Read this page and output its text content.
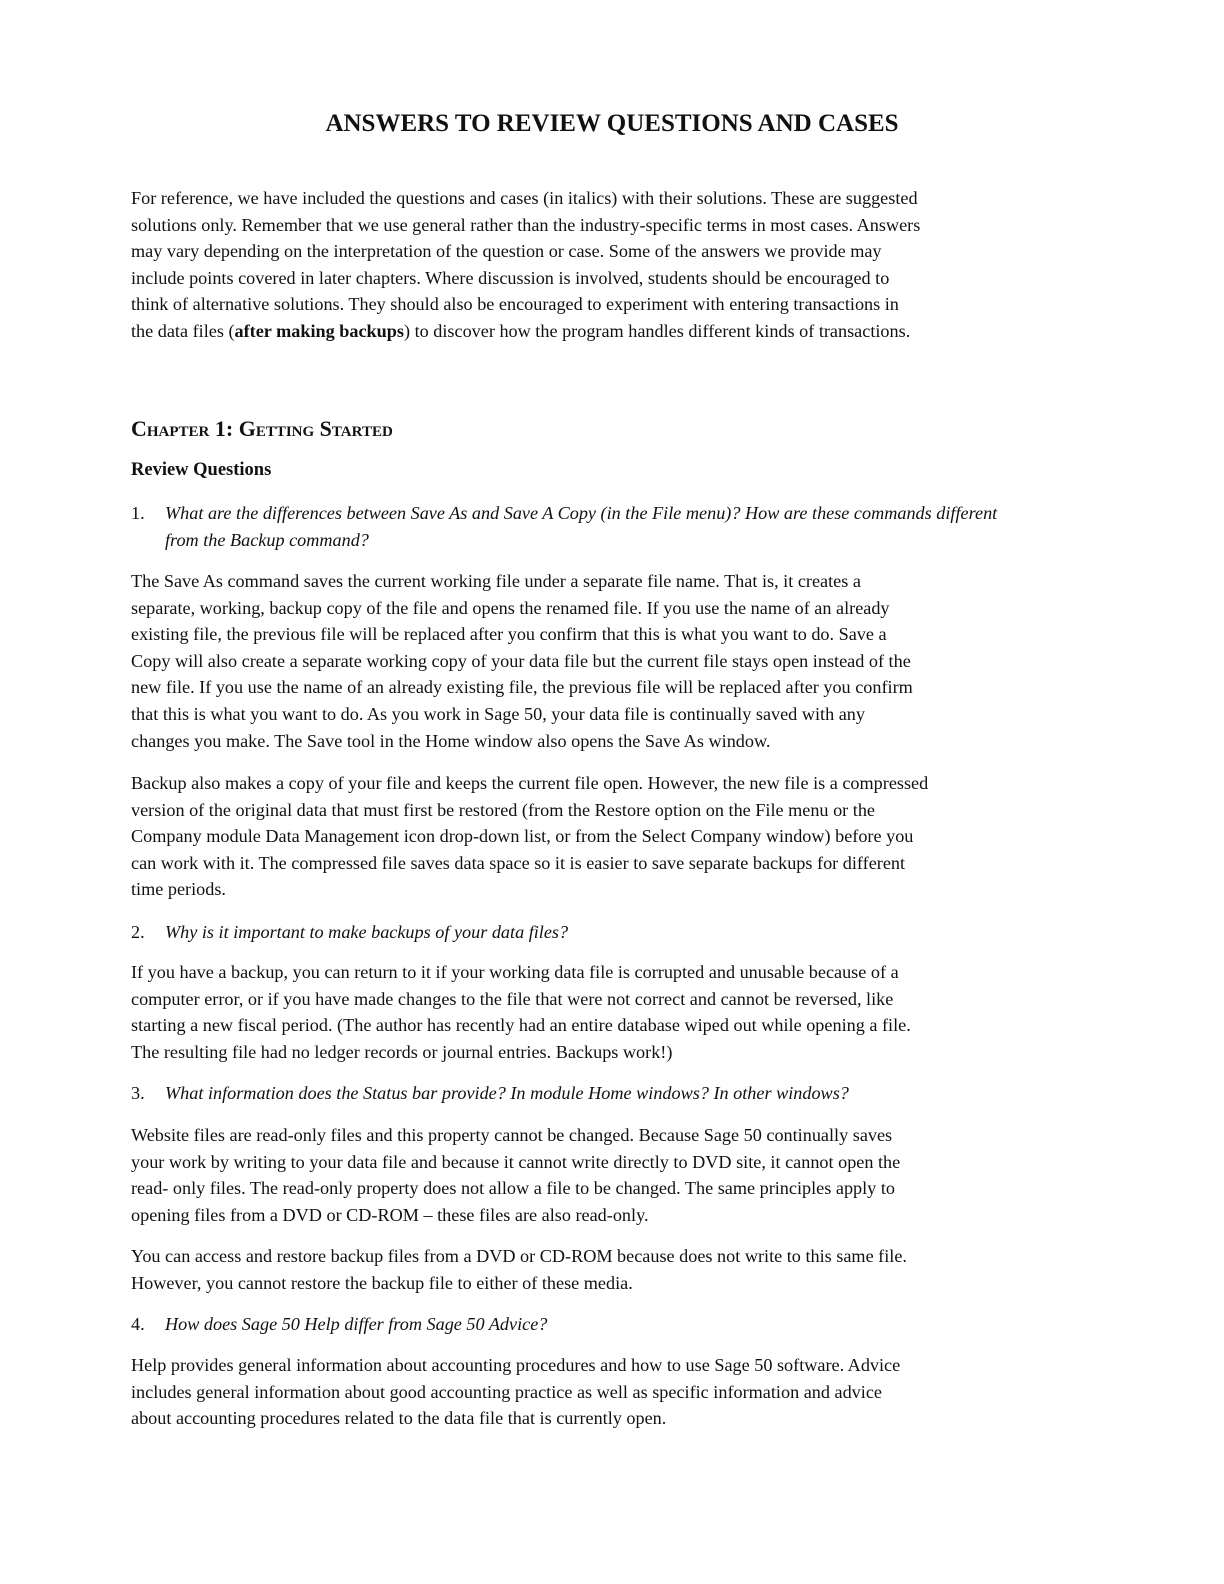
ANSWERS TO REVIEW QUESTIONS AND CASES
For reference, we have included the questions and cases (in italics) with their solutions. These are suggested
solutions only. Remember that we use general rather than the industry-specific terms in most cases. Answers
may vary depending on the interpretation of the question or case. Some of the answers we provide may
include points covered in later chapters. Where discussion is involved, students should be encouraged to
think of alternative solutions. They should also be encouraged to experiment with entering transactions in
the data files (after making backups) to discover how the program handles different kinds of transactions.
Chapter 1: Getting Started
Review Questions
1. What are the differences between Save As and Save A Copy (in the File menu)? How are these commands different
from the Backup command?
The Save As command saves the current working file under a separate file name. That is, it creates a
separate, working, backup copy of the file and opens the renamed file. If you use the name of an already
existing file, the previous file will be replaced after you confirm that this is what you want to do. Save a
Copy will also create a separate working copy of your data file but the current file stays open instead of the
new file. If you use the name of an already existing file, the previous file will be replaced after you confirm
that this is what you want to do. As you work in Sage 50, your data file is continually saved with any
changes you make. The Save tool in the Home window also opens the Save As window.
Backup also makes a copy of your file and keeps the current file open. However, the new file is a compressed
version of the original data that must first be restored (from the Restore option on the File menu or the
Company module Data Management icon drop-down list, or from the Select Company window) before you
can work with it. The compressed file saves data space so it is easier to save separate backups for different
time periods.
2. Why is it important to make backups of your data files?
If you have a backup, you can return to it if your working data file is corrupted and unusable because of a
computer error, or if you have made changes to the file that were not correct and cannot be reversed, like
starting a new fiscal period. (The author has recently had an entire database wiped out while opening a file.
The resulting file had no ledger records or journal entries. Backups work!)
3. What information does the Status bar provide? In module Home windows? In other windows?
Website files are read-only files and this property cannot be changed. Because Sage 50 continually saves
your work by writing to your data file and because it cannot write directly to DVD site, it cannot open the
read- only files. The read-only property does not allow a file to be changed. The same principles apply to
opening files from a DVD or CD-ROM – these files are also read-only.
You can access and restore backup files from a DVD or CD-ROM because does not write to this same file.
However, you cannot restore the backup file to either of these media.
4. How does Sage 50 Help differ from Sage 50 Advice?
Help provides general information about accounting procedures and how to use Sage 50 software. Advice
includes general information about good accounting practice as well as specific information and advice
about accounting procedures related to the data file that is currently open.
